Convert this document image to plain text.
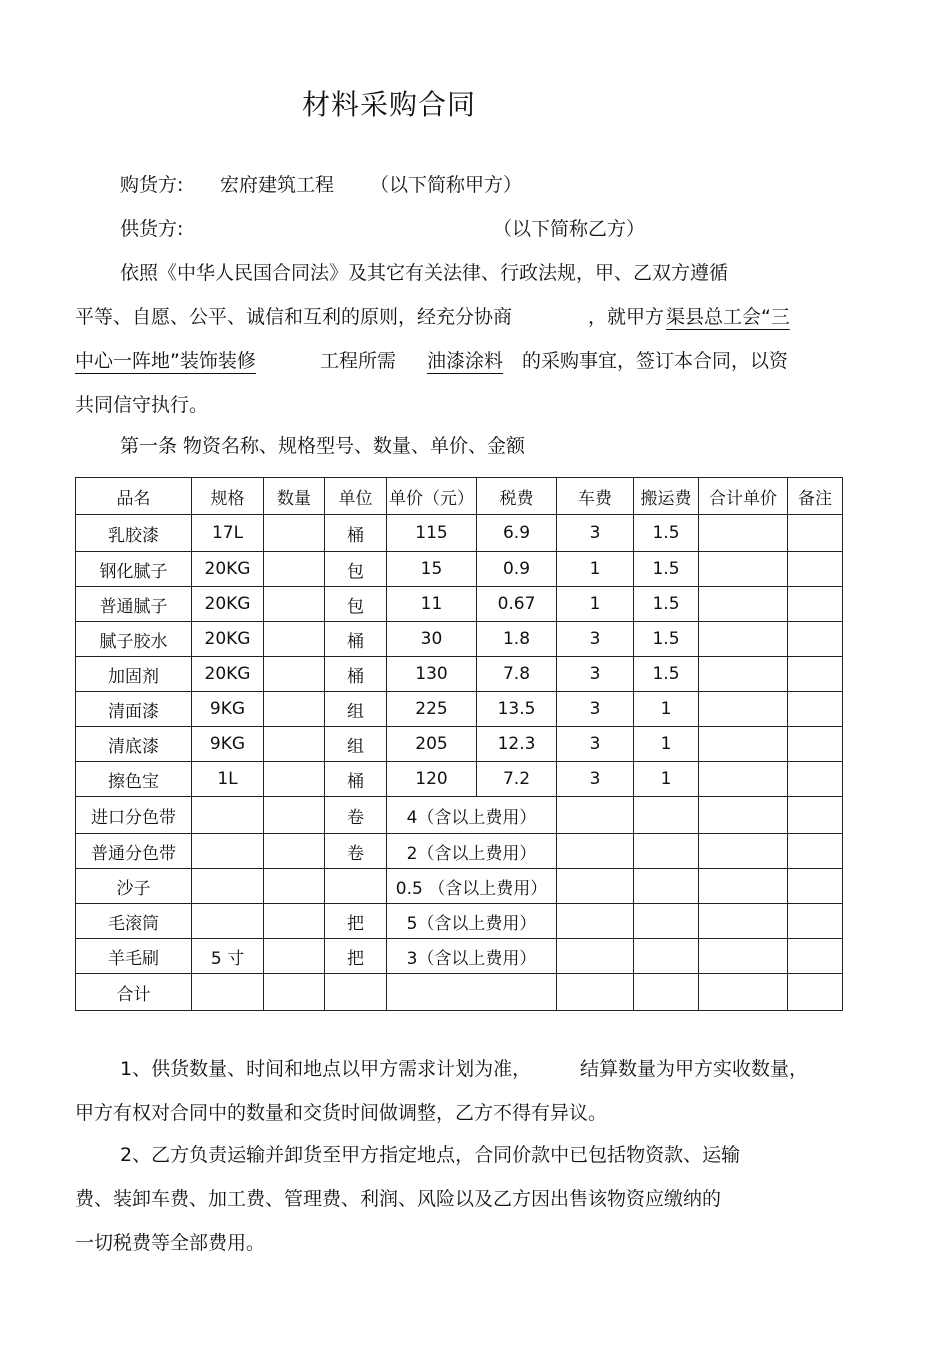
材料采购合同
购货方: 宏府建筑工程 （以下简称甲方）
供货方:	（以下简称乙方）
依照《中华人民国合同法》及其它有关法律、行政法规，甲、乙双方遵循
平等、自愿、公平、诚信和互利的原则，经充分协商	，就甲方 渠县总工会“三
中心一阵地”装饰装修	工程所需	油漆涂料	的采购事宜，签订本合同，以资
共同信守执行。
第一条 物资名称、规格型号、数量、单价、金额
品名	规格	数量	单位	单价（元）	税费	车费	搬运费	合计单价	备注
乳胶漆	17L		桶	115	6.9	3	1.5		
钢化腻子	20KG		包	15	0.9	1	1.5		
普通腻子	20KG		包	11	0.67	1	1.5		
腻子胶水	20KG		桶	30	1.8	3	1.5		
加固剂	20KG		桶	130	7.8	3	1.5		
清面漆	9KG		组	225	13.5	3	1		
清底漆	9KG		组	205	12.3	3	1		
擦色宝	1L		桶	120	7.2	3	1		
进口分色带			卷	4（含以上费用）					
普通分色带			卷	2（含以上费用）					
沙子				0.5 （含以上费用）					
毛滚筒			把	5（含以上费用）					
羊毛刷	5 寸		把	3（含以上费用）					
合计									
1、供货数量、时间和地点以甲方需求计划为准，	结算数量为甲方实收数量，
甲方有权对合同中的数量和交货时间做调整，乙方不得有异议。
2、乙方负责运输并卸货至甲方指定地点，合同价款中已包括物资款、运输
费、装卸车费、加工费、管理费、利润、风险以及乙方因出售该物资应缴纳的
一切税费等全部费用。
